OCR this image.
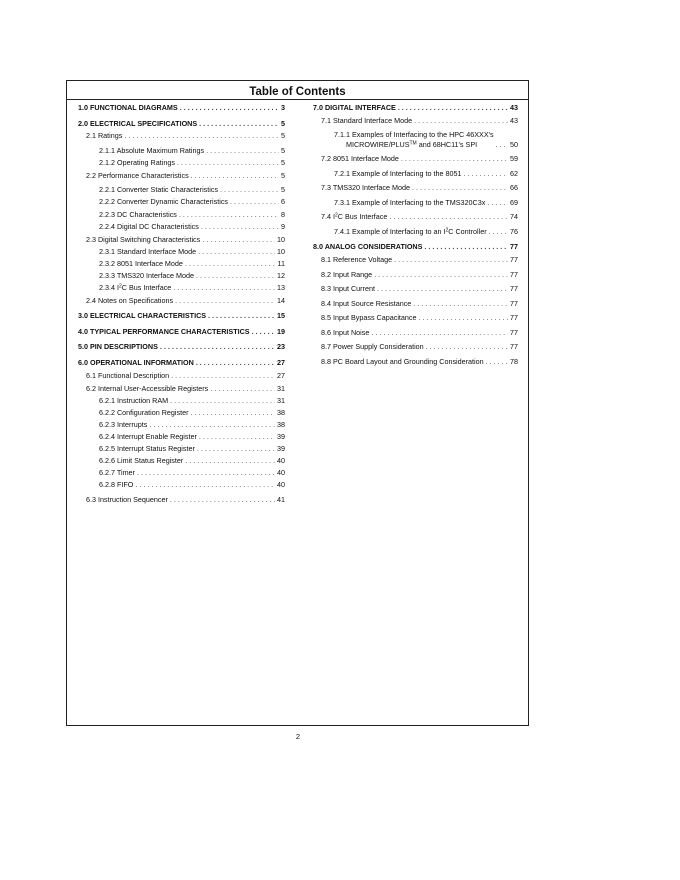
Table of Contents
1.0 FUNCTIONAL DIAGRAMS . . .	3
2.0 ELECTRICAL SPECIFICATIONS . . .	5
2.1 Ratings . . .	5
2.1.1 Absolute Maximum Ratings . . .	5
2.1.2 Operating Ratings . . .	5
2.2 Performance Characteristics . . .	5
2.2.1 Converter Static Characteristics . . .	5
2.2.2 Converter Dynamic Characteristics . . .	6
2.2.3 DC Characteristics . . .	8
2.2.4 Digital DC Characteristics . . .	9
2.3 Digital Switching Characteristics . . .	10
2.3.1 Standard Interface Mode . . .	10
2.3.2 8051 Interface Mode . . .	11
2.3.3 TMS320 Interface Mode . . .	12
2.3.4 $I^2C$ Bus Interface . . .	13
2.4 Notes on Specifications . . .	14
3.0 ELECTRICAL CHARACTERISTICS . . .	15
4.0 TYPICAL PERFORMANCE CHARACTERISTICS . . .	19
5.0 PIN DESCRIPTIONS . . .	23
6.0 OPERATIONAL INFORMATION . . .	27
6.1 Functional Description . . .	27
6.2 Internal User-Accessible Registers . . .	31
6.2.1 Instruction RAM . . .	31
6.2.2 Configuration Register . . .	38
6.2.3 Interrupts . . .	38
6.2.4 Interrupt Enable Register . . .	39
6.2.5 Interrupt Status Register . . .	39
6.2.6 Limit Status Register . . .	40
6.2.7 Timer . . .	40
6.2.8 FIFO . . .	40
6.3 Instruction Sequencer . . .	41
7.0 DIGITAL INTERFACE . . .	43
7.1 Standard Interface Mode . . .	43
7.1.1 Examples of Interfacing to the HPC 46XXX's
MICROWIRE/PLUS™ and 68HC11's SPI . . .	50
7.2 8051 Interface Mode . . .	59
7.2.1 Example of Interfacing to the 8051 . . .	62
7.3 TMS320 Interface Mode . . .	66
7.3.1 Example of Interfacing to the TMS320C3x . . .	69
7.4 $I^2C$ Bus Interface . . .	74
7.4.1 Example of Interfacing to an $I^2C$ Controller . . .	76
8.0 ANALOG CONSIDERATIONS . . .	77
8.1 Reference Voltage . . .	77
8.2 Input Range . . .	77
8.3 Input Current . . .	77
8.4 Input Source Resistance . . .	77
8.5 Input Bypass Capacitance . . .	77
8.6 Input Noise . . .	77
8.7 Power Supply Consideration . . .	77
8.8 PC Board Layout and Grounding Consideration . . .	78
2
